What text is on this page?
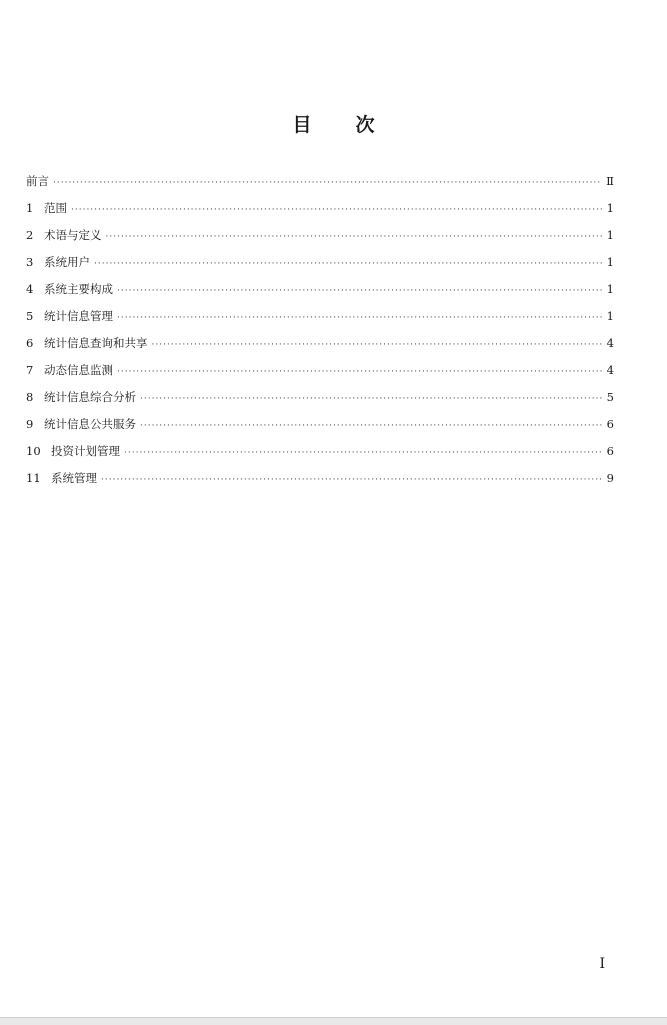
目 次
前言 ·····	Ⅱ
1 范围 ·····	1
2 术语与定义 ·····	1
3 系统用户 ·····	1
4 系统主要构成 ·····	1
5 统计信息管理 ·····	1
6 统计信息查询和共享 ·····	4
7 动态信息监测 ·····	4
8 统计信息综合分析 ·····	5
9 统计信息公共服务 ·····	6
10 投资计划管理 ·····	6
11 系统管理 ·····	9
I
